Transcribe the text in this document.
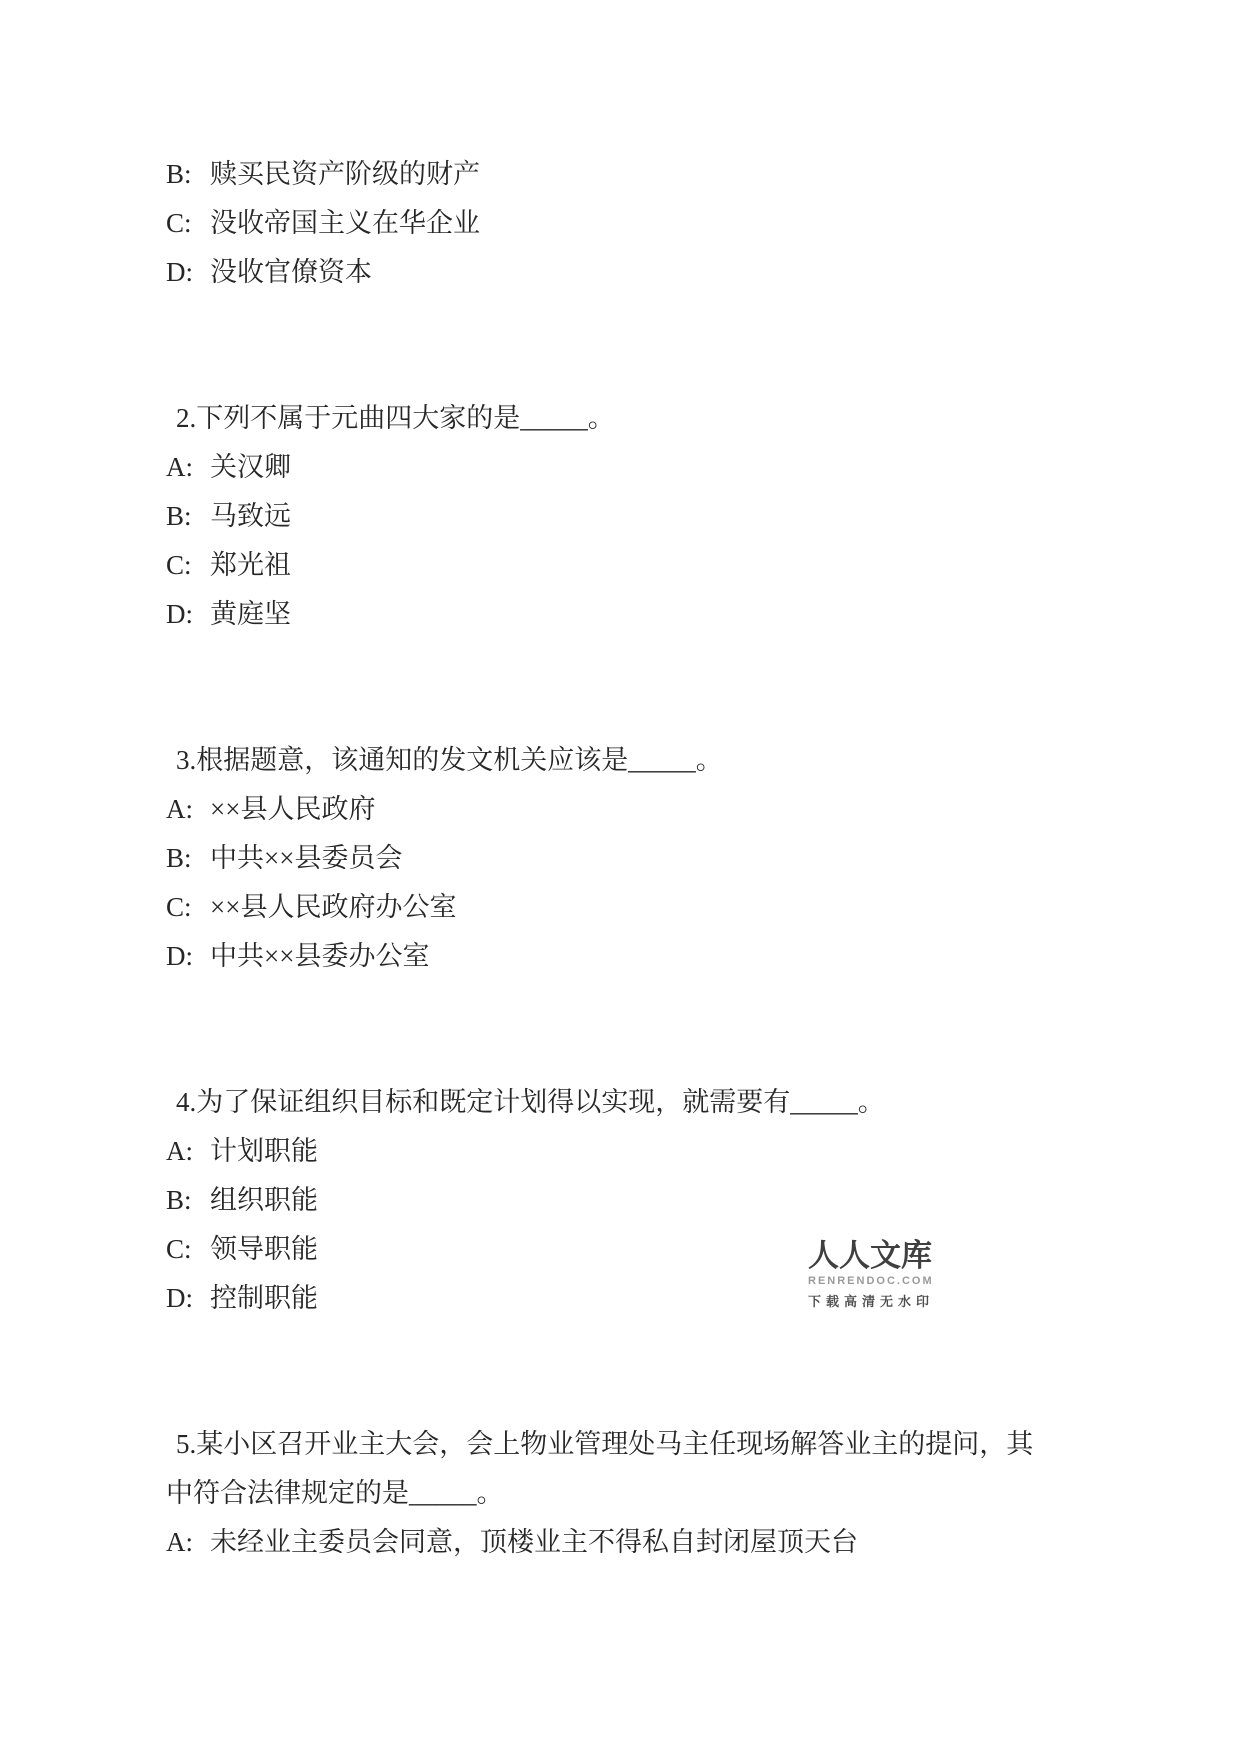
B: 赎买民资产阶级的财产

C: 没收帝国主义在华企业

D: 没收官僚资本

2.下列不属于元曲四大家的是_____。

A: 关汉卿

B: 马致远

C: 郑光祖

D: 黄庭坚

3.根据题意，该通知的发文机关应该是_____。

A: ××县人民政府

B: 中共××县委员会

C: ××县人民政府办公室

D: 中共××县委办公室

4.为了保证组织目标和既定计划得以实现，就需要有_____。

A: 计划职能

B: 组织职能

C: 领导职能

D: 控制职能

5.某小区召开业主大会，会上物业管理处马主任现场解答业主的提问，其中符合法律规定的是_____。

A: 未经业主委员会同意，顶楼业主不得私自封闭屋顶天台

人人文库
RENRENDOC.COM
下载高清无水印
